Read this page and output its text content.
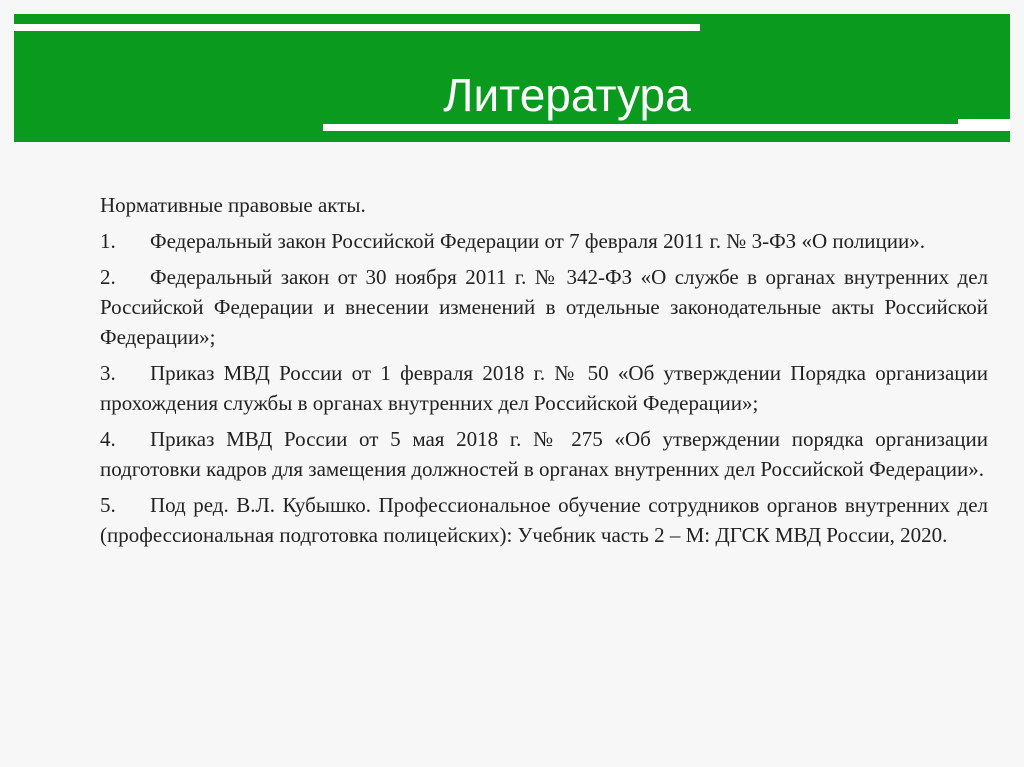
Литература

Нормативные правовые акты.

1. Федеральный закон Российской Федерации от 7 февраля 2011 г. № 3-ФЗ «О полиции».

2. Федеральный закон от 30 ноября 2011 г. № 342-ФЗ «О службе в органах внутренних дел Российской Федерации и внесении изменений в отдельные законодательные акты Российской Федерации»;

3. Приказ МВД России от 1 февраля 2018 г. № 50 «Об утверждении Порядка организации прохождения службы в органах внутренних дел Российской Федерации»;

4. Приказ МВД России от 5 мая 2018 г. № 275 «Об утверждении порядка организации подготовки кадров для замещения должностей в органах внутренних дел Российской Федерации».

5. Под ред. В.Л. Кубышко. Профессиональное обучение сотрудников органов внутренних дел (профессиональная подготовка полицейских): Учебник часть 2 – М: ДГСК МВД России, 2020.
